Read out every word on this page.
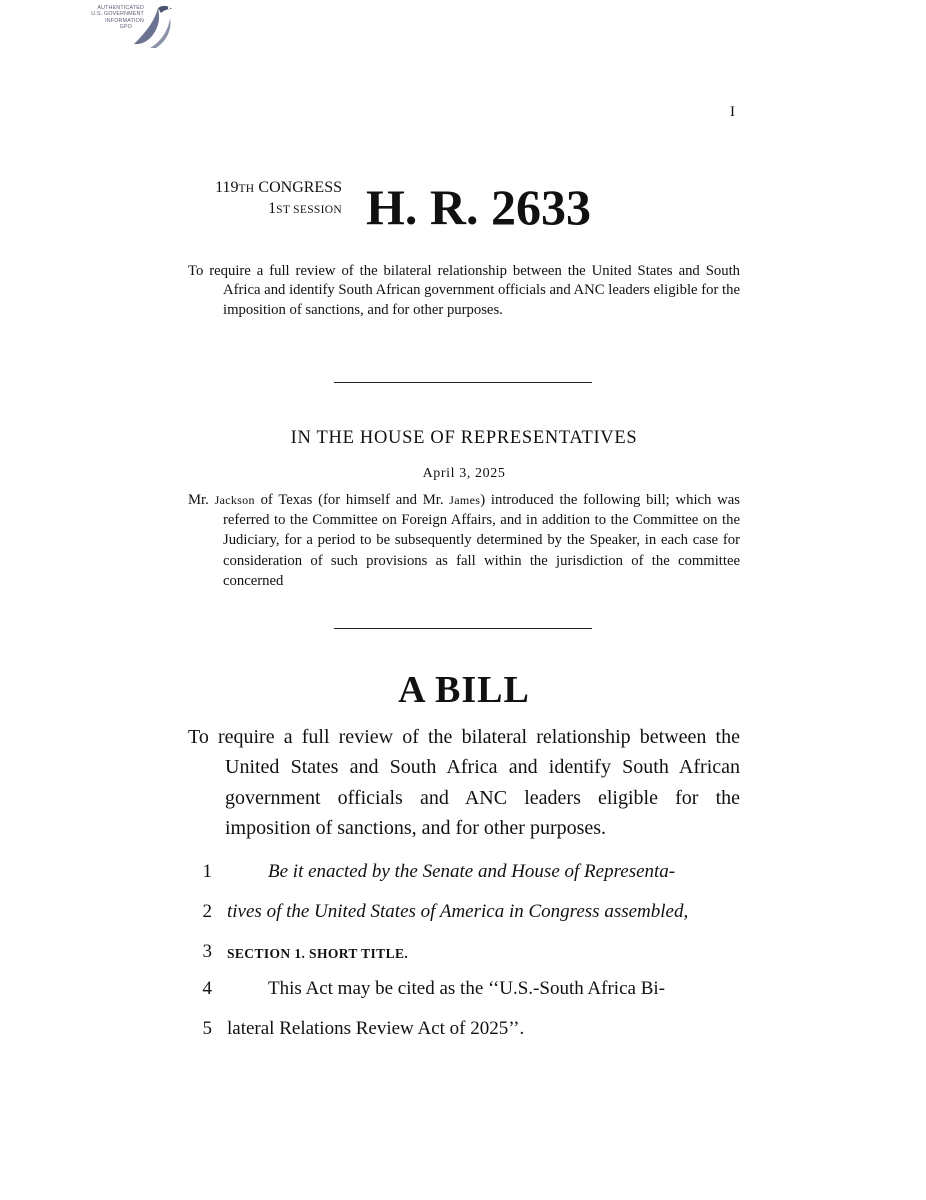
AUTHENTICATED
U.S. GOVERNMENT
INFORMATION
GPO
I
119TH CONGRESS
1ST SESSION H. R. 2633
To require a full review of the bilateral relationship between the United States and South Africa and identify South African government officials and ANC leaders eligible for the imposition of sanctions, and for other purposes.
IN THE HOUSE OF REPRESENTATIVES
April 3, 2025
Mr. Jackson of Texas (for himself and Mr. James) introduced the following bill; which was referred to the Committee on Foreign Affairs, and in addition to the Committee on the Judiciary, for a period to be subsequently determined by the Speaker, in each case for consideration of such provisions as fall within the jurisdiction of the committee concerned
A BILL
To require a full review of the bilateral relationship between the United States and South Africa and identify South African government officials and ANC leaders eligible for the imposition of sanctions, and for other purposes.
1	Be it enacted by the Senate and House of Representa-
2 tives of the United States of America in Congress assembled,
3 SECTION 1. SHORT TITLE.
4	This Act may be cited as the ‘‘U.S.-South Africa Bi-
5 lateral Relations Review Act of 2025’’.
